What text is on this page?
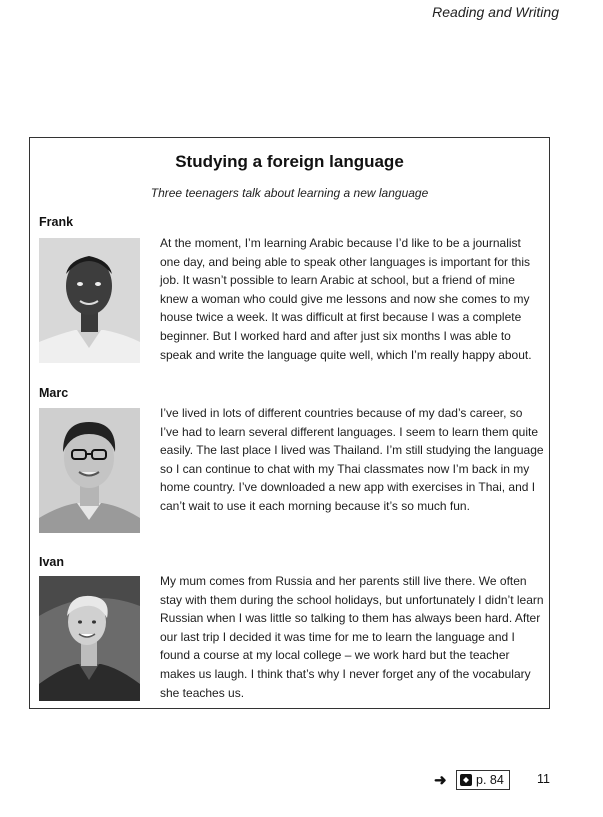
Reading and Writing
Studying a foreign language
Three teenagers talk about learning a new language
Frank

At the moment, I’m learning Arabic because I’d like to be a journalist one day, and being able to speak other languages is important for this job. It wasn’t possible to learn Arabic at school, but a friend of mine knew a woman who could give me lessons and now she comes to my house twice a week. It was difficult at first because I was a complete beginner. But I worked hard and after just six months I was able to speak and write the language quite well, which I’m really happy about.

Marc

I’ve lived in lots of different countries because of my dad’s career, so I’ve had to learn several different languages. I seem to learn them quite easily. The last place I lived was Thailand. I’m still studying the language so I can continue to chat with my Thai classmates now I’m back in my home country. I’ve downloaded a new app with exercises in Thai, and I can’t wait to use it each morning because it’s so much fun.

Ivan

My mum comes from Russia and her parents still live there. We often stay with them during the school holidays, but unfortunately I didn’t learn Russian when I was little so talking to them has always been hard. After our last trip I decided it was time for me to learn the language and I found a course at my local college – we work hard but the teacher makes us laugh. I think that’s why I never forget any of the vocabulary she teaches us.

➜ p. 84	11
